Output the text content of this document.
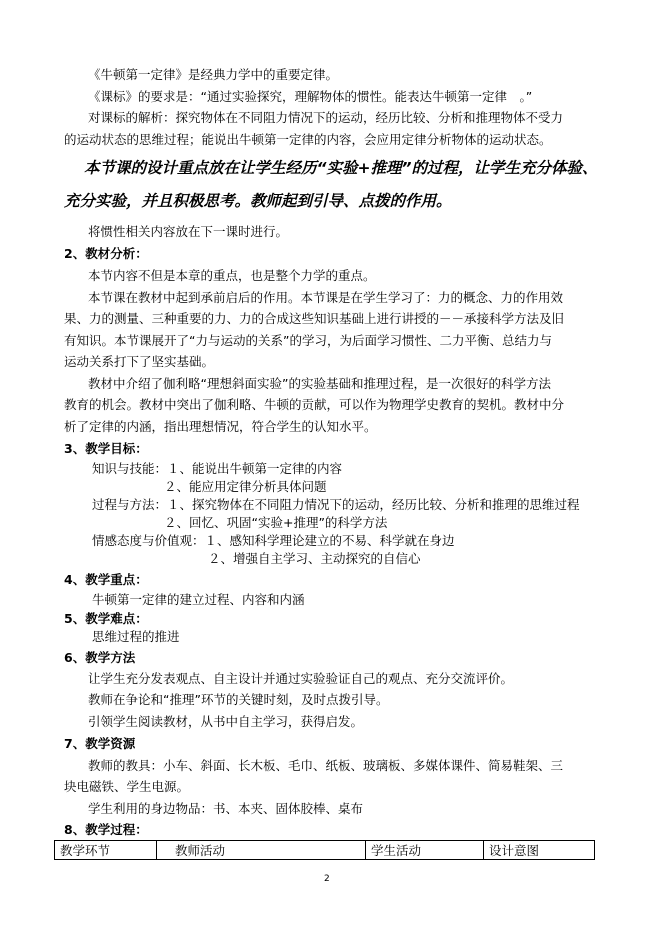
《牛顿第一定律》是经典力学中的重要定律。
《课标》的要求是：“通过实验探究，理解物体的惯性。能表达牛顿第一定律　。”
对课标的解析：探究物体在不同阻力情况下的运动，经历比较、分析和推理物体不受力
的运动状态的思维过程；能说出牛顿第一定律的内容，会应用定律分析物体的运动状态。
本节课的设计重点放在让学生经历“实验+推理”的过程，让学生充分体验、
充分实验，并且积极思考。教师起到引导、点拨的作用。
将惯性相关内容放在下一课时进行。
2、教材分析：
本节内容不但是本章的重点，也是整个力学的重点。
本节课在教材中起到承前启后的作用。本节课是在学生学习了：力的概念、力的作用效
果、力的测量、三种重要的力、力的合成这些知识基础上进行讲授的－－承接科学方法及旧
有知识。本节课展开了“力与运动的关系”的学习，为后面学习惯性、二力平衡、总结力与
运动关系打下了坚实基础。
教材中介绍了伽利略“理想斜面实验”的实验基础和推理过程，是一次很好的科学方法
教育的机会。教材中突出了伽利略、牛顿的贡献，可以作为物理学史教育的契机。教材中分
析了定律的内涵，指出理想情况，符合学生的认知水平。
3、教学目标：
知识与技能：１、能说出牛顿第一定律的内容
２、能应用定律分析具体问题
过程与方法：１、探究物体在不同阻力情况下的运动，经历比较、分析和推理的思维过程
２、回忆、巩固“实验+推理”的科学方法
情感态度与价值观：１、感知科学理论建立的不易、科学就在身边
２、增强自主学习、主动探究的自信心
4、教学重点：
牛顿第一定律的建立过程、内容和内涵
5、教学难点：
思维过程的推进
6、教学方法
让学生充分发表观点、自主设计并通过实验验证自己的观点、充分交流评价。
教师在争论和“推理”环节的关键时刻，及时点拨引导。
引领学生阅读教材，从书中自主学习，获得启发。
7、教学资源
教师的教具：小车、斜面、长木板、毛巾、纸板、玻璃板、多媒体课件、简易鞋架、三
块电磁铁、学生电源。
学生利用的身边物品：书、本夹、固体胶棒、桌布
8、教学过程：
教学环节	教师活动	学生活动	设计意图
2
